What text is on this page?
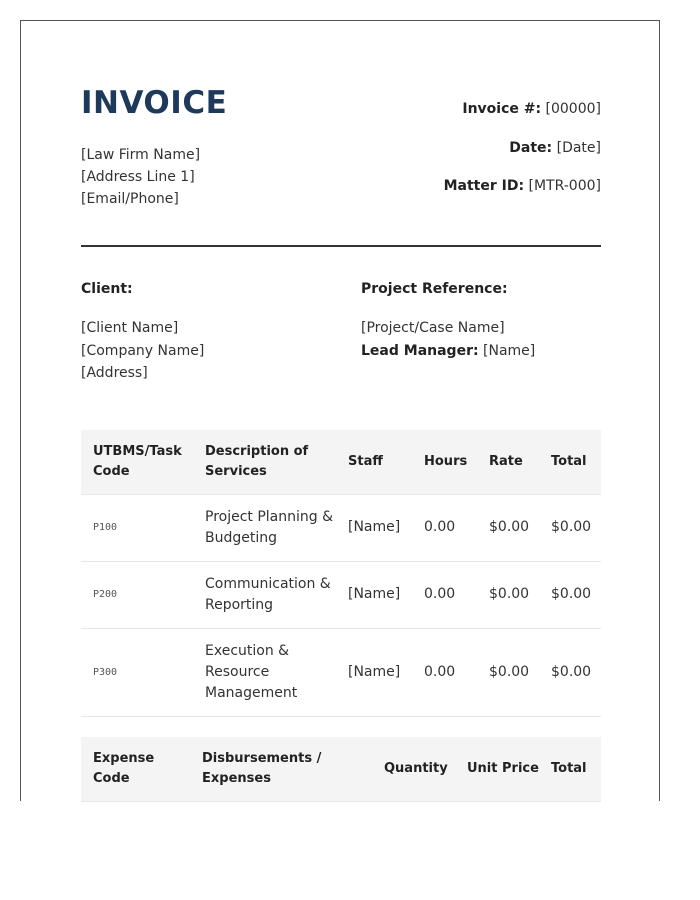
INVOICE
[Law Firm Name]
[Address Line 1]
[Email/Phone]
Invoice #: [00000]
Date: [Date]
Matter ID: [MTR-000]
Client:
[Client Name]
[Company Name]
[Address]
Project Reference:
[Project/Case Name]
Lead Manager: [Name]
UTBMS/Task Code	Description of Services	Staff	Hours	Rate	Total
P100	Project Planning & Budgeting	[Name]	0.00	$0.00	$0.00
P200	Communication & Reporting	[Name]	0.00	$0.00	$0.00
P300	Execution & Resource Management	[Name]	0.00	$0.00	$0.00
Expense Code	Disbursements / Expenses	Quantity	Unit Price	Total
